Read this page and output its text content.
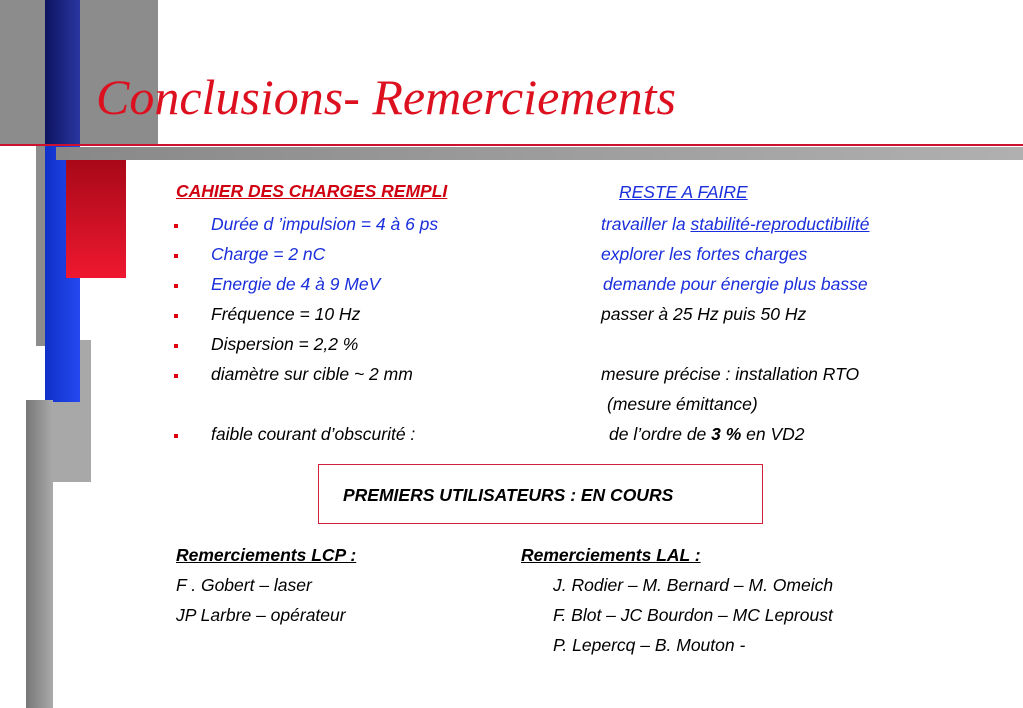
Conclusions- Remerciements
CAHIER DES CHARGES REMPLI	RESTE A FAIRE
Durée d ’impulsion = 4 à 6 ps
Charge = 2 nC
Energie de 4 à 9 MeV
Fréquence = 10 Hz
Dispersion = 2,2 %
diamètre sur cible ~ 2 mm
faible courant d’obscurité :
travailler la stabilité-reproductibilité
explorer les fortes charges
demande pour énergie plus basse
passer à 25 Hz puis 50 Hz
mesure précise : installation RTO
(mesure émittance)
de l’ordre de 3 % en VD2
PREMIERS UTILISATEURS : EN COURS
Remerciements LCP :
F . Gobert – laser
JP Larbre – opérateur
Remerciements LAL :
J. Rodier – M. Bernard – M. Omeich
F. Blot – JC Bourdon – MC Leproust
P. Lepercq – B. Mouton -
